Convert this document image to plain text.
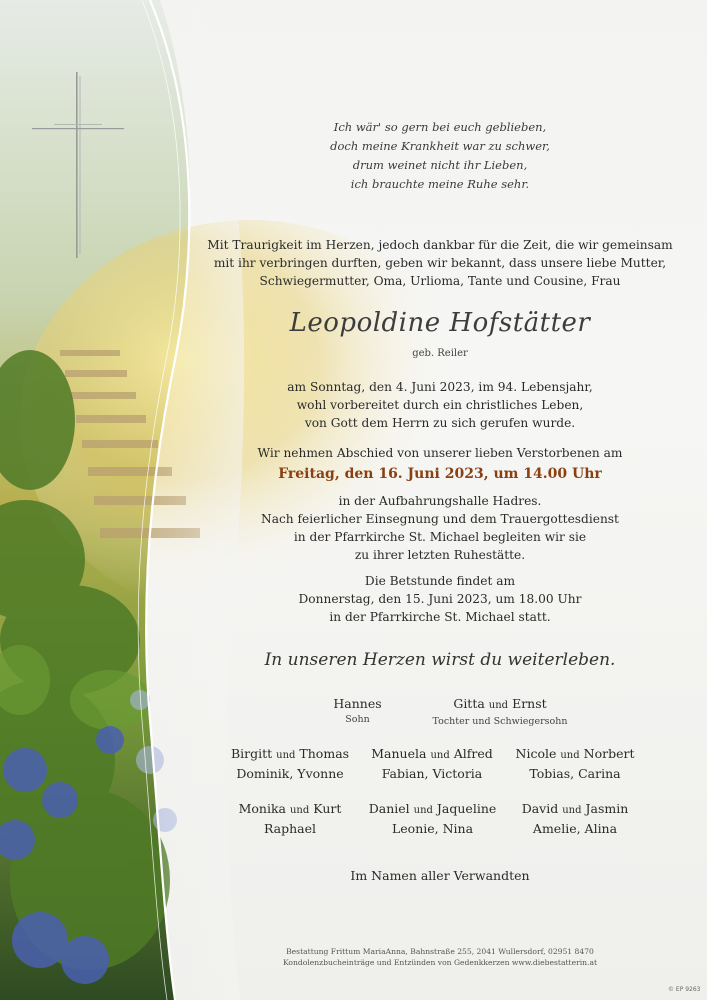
Ich wär' so gern bei euch geblieben,
doch meine Krankheit war zu schwer,
drum weinet nicht ihr Lieben,
ich brauchte meine Ruhe sehr.
Mit Traurigkeit im Herzen, jedoch dankbar für die Zeit, die wir gemeinsam
mit ihr verbringen durften, geben wir bekannt, dass unsere liebe Mutter,
Schwiegermutter, Oma, Urlioma, Tante und Cousine, Frau
Leopoldine Hofstätter
geb. Reiler
am Sonntag, den 4. Juni 2023, im 94. Lebensjahr,
wohl vorbereitet durch ein christliches Leben,
von Gott dem Herrn zu sich gerufen wurde.
Wir nehmen Abschied von unserer lieben Verstorbenen am
Freitag, den 16. Juni 2023, um 14.00 Uhr
in der Aufbahrungshalle Hadres.
Nach feierlicher Einsegnung und dem Trauergottesdienst
in der Pfarrkirche St. Michael begleiten wir sie
zu ihrer letzten Ruhestätte.
Die Betstunde findet am
Donnerstag, den 15. Juni 2023, um 18.00 Uhr
in der Pfarrkirche St. Michael statt.
In unseren Herzen wirst du weiterleben.
Hannes
Sohn
Gitta und Ernst
Tochter und Schwiegersohn
Birgitt und Thomas
Dominik, Yvonne
Manuela und Alfred
Fabian, Victoria
Nicole und Norbert
Tobias, Carina
Monika und Kurt
Raphael
Daniel und Jaqueline
Leonie, Nina
David und Jasmin
Amelie, Alina
Im Namen aller Verwandten
Bestattung Frittum MariaAnna, Bahnstraße 255, 2041 Wullersdorf, 02951 8470
Kondolenzbucheinträge und Entzünden von Gedenkkerzen www.diebestatterin.at
© EP 9263
